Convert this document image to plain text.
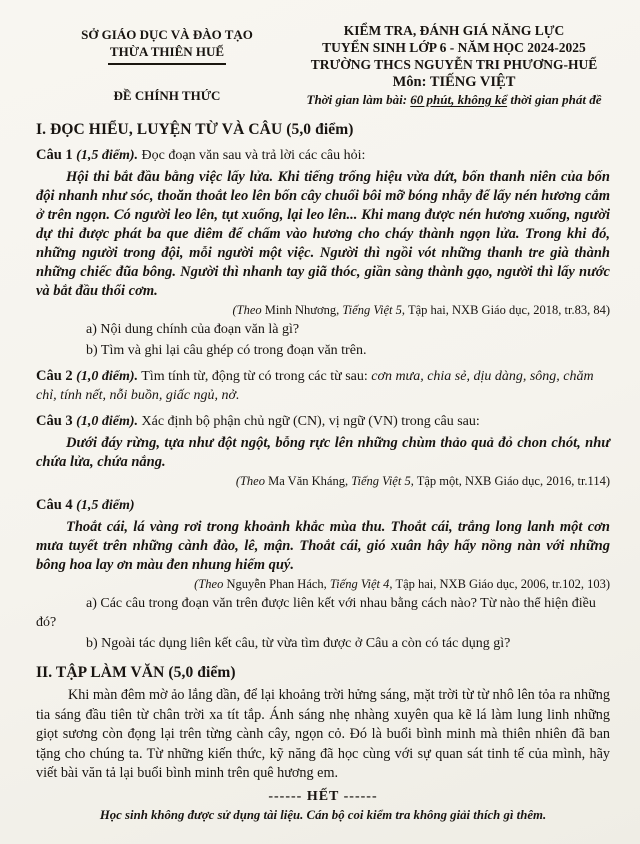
SỞ GIÁO DỤC VÀ ĐÀO TẠO
THỪA THIÊN HUẾ
ĐỀ CHÍNH THỨC
KIỂM TRA, ĐÁNH GIÁ NĂNG LỰC
TUYỂN SINH LỚP 6 - NĂM HỌC 2024-2025
TRƯỜNG THCS NGUYỄN TRI PHƯƠNG-HUẾ
Môn: TIẾNG VIỆT
Thời gian làm bài: 60 phút, không kể thời gian phát đề

I. ĐỌC HIỂU, LUYỆN TỪ VÀ CÂU (5,0 điểm)

Câu 1 (1,5 điểm). Đọc đoạn văn sau và trả lời các câu hỏi:

Hội thi bắt đầu bằng việc lấy lửa. Khi tiếng trống hiệu vừa dứt, bốn thanh niên của bốn đội nhanh như sóc, thoăn thoắt leo lên bốn cây chuối bôi mỡ bóng nhẫy để lấy nén hương cắm ở trên ngọn. Có người leo lên, tụt xuống, lại leo lên... Khi mang được nén hương xuống, người dự thi được phát ba que diêm để chấm vào hương cho cháy thành ngọn lửa. Trong khi đó, những người trong đội, mỗi người một việc. Người thì ngồi vót những thanh tre già thành những chiếc đũa bông. Người thì nhanh tay giã thóc, giần sàng thành gạo, người thì lấy nước và bắt đầu thổi cơm.

(Theo Minh Nhương, Tiếng Việt 5, Tập hai, NXB Giáo dục, 2018, tr.83, 84)

a) Nội dung chính của đoạn văn là gì?

b) Tìm và ghi lại câu ghép có trong đoạn văn trên.

Câu 2 (1,0 điểm). Tìm tính từ, động từ có trong các từ sau: cơn mưa, chia sẻ, dịu dàng, sông, chăm chỉ, tính nết, nỗi buồn, giấc ngủ, nở.

Câu 3 (1,0 điểm). Xác định bộ phận chủ ngữ (CN), vị ngữ (VN) trong câu sau:

Dưới đáy rừng, tựa như đột ngột, bỗng rực lên những chùm thảo quả đỏ chon chót, như chứa lửa, chứa nắng.

(Theo Ma Văn Kháng, Tiếng Việt 5, Tập một, NXB Giáo dục, 2016, tr.114)

Câu 4 (1,5 điểm)

Thoắt cái, lá vàng rơi trong khoảnh khắc mùa thu. Thoắt cái, trắng long lanh một cơn mưa tuyết trên những cành đào, lê, mận. Thoắt cái, gió xuân hây hẩy nồng nàn với những bông hoa lay ơn màu đen nhung hiếm quý.

(Theo Nguyễn Phan Hách, Tiếng Việt 4, Tập hai, NXB Giáo dục, 2006, tr.102, 103)

a) Các câu trong đoạn văn trên được liên kết với nhau bằng cách nào? Từ nào thể hiện điều đó?

b) Ngoài tác dụng liên kết câu, từ vừa tìm được ở Câu a còn có tác dụng gì?

II. TẬP LÀM VĂN (5,0 điểm)

Khi màn đêm mờ ảo lắng dần, để lại khoảng trời hửng sáng, mặt trời từ từ nhô lên tỏa ra những tia sáng đầu tiên từ chân trời xa tít tắp. Ánh sáng nhẹ nhàng xuyên qua kẽ lá làm lung linh những giọt sương còn đọng lại trên từng cành cây, ngọn cỏ. Đó là buổi bình minh mà thiên nhiên đã ban tặng cho chúng ta. Từ những kiến thức, kỹ năng đã học cùng với sự quan sát tinh tế của mình, hãy viết bài văn tả lại buổi bình minh trên quê hương em.

------ HẾT ------

Học sinh không được sử dụng tài liệu. Cán bộ coi kiểm tra không giải thích gì thêm.
